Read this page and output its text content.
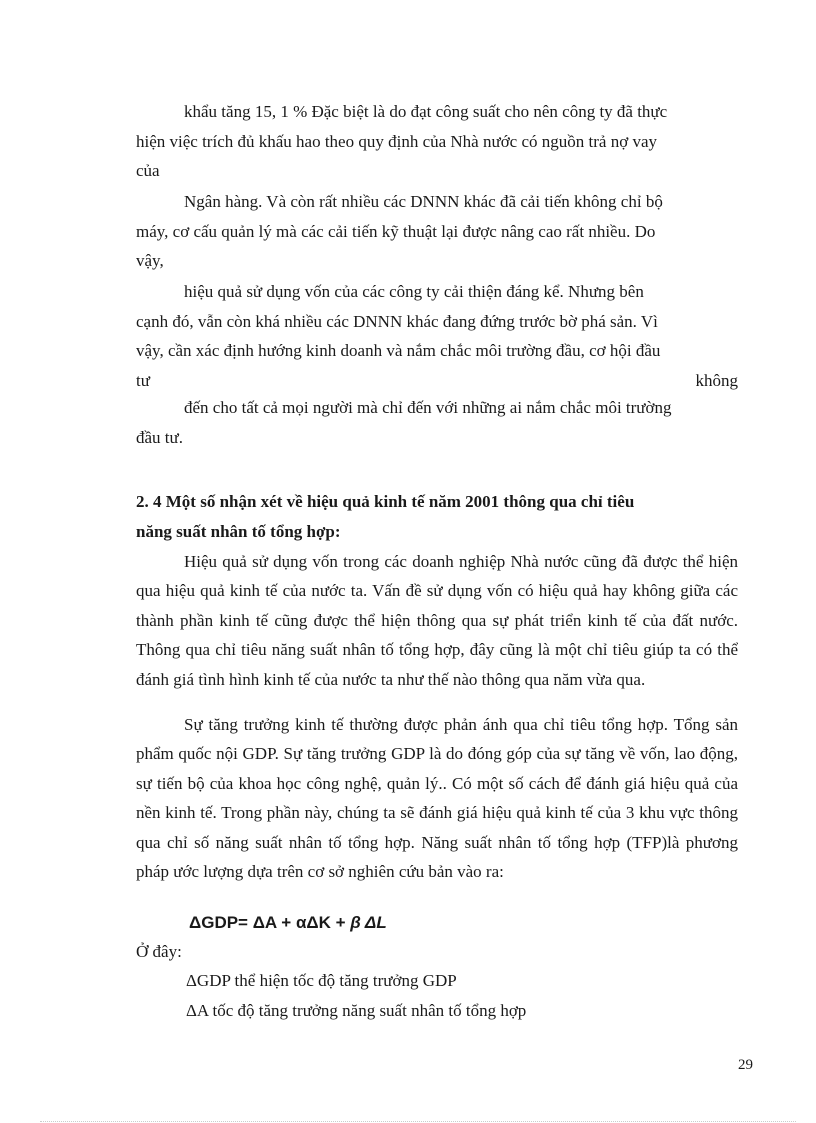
khẩu tăng 15, 1 % Đặc biệt là do đạt công suất cho nên công ty đã thực
hiện việc trích đủ khấu hao theo quy định của Nhà nước có nguồn trả nợ vay
của
Ngân hàng. Và còn rất nhiều các DNNN khác đã cải tiến không chỉ bộ
máy, cơ cấu quản lý mà các cải tiến kỹ thuật lại được nâng cao rất nhiều. Do
vậy,
hiệu quả sử dụng vốn của các công ty cải thiện đáng kể. Nhưng bên
cạnh đó, vẫn còn khá nhiều các DNNN khác đang đứng trước bờ phá sản. Vì
vậy, cần xác định hướng kinh doanh và nắm chắc môi trường đầu, cơ hội đầu
tư	không
đến cho tất cả mọi người mà chỉ đến với những ai nắm chắc môi trường
đầu tư.
2. 4 Một số nhận xét về hiệu quả kinh tế năm 2001 thông qua chỉ tiêu
năng suất nhân tố tổng hợp:

Hiệu quả sử dụng vốn trong các doanh nghiệp Nhà nước cũng đã được thể hiện qua hiệu quả kinh tế của nước ta. Vấn đề sử dụng vốn có hiệu quả hay không giữa các thành phần kinh tế cũng được thể hiện thông qua sự phát triển kinh tế của đất nước. Thông qua chỉ tiêu năng suất nhân tố tổng hợp, đây cũng là một chỉ tiêu giúp ta có thể đánh giá tình hình kinh tế của nước ta như thế nào thông qua năm vừa qua.

Sự tăng trưởng kinh tế thường được phản ánh qua chỉ tiêu tổng hợp. Tổng sản phẩm quốc nội GDP. Sự tăng trưởng GDP là do đóng góp của sự tăng về vốn, lao động, sự tiến bộ của khoa học công nghệ, quản lý.. Có một số cách để đánh giá hiệu quả của nền kinh tế. Trong phần này, chúng ta sẽ đánh giá hiệu quả kinh tế của 3 khu vực thông qua chỉ số năng suất nhân tố tổng hợp. Năng suất nhân tố tổng hợp (TFP)là phương pháp ước lượng dựa trên cơ sở nghiên cứu bản vào ra:

ΔGDP= ΔA + αΔK + β ΔL
Ở đây:
ΔGDP thể hiện tốc độ tăng trưởng GDP
ΔA tốc độ tăng trưởng năng suất nhân tố tổng hợp
29
